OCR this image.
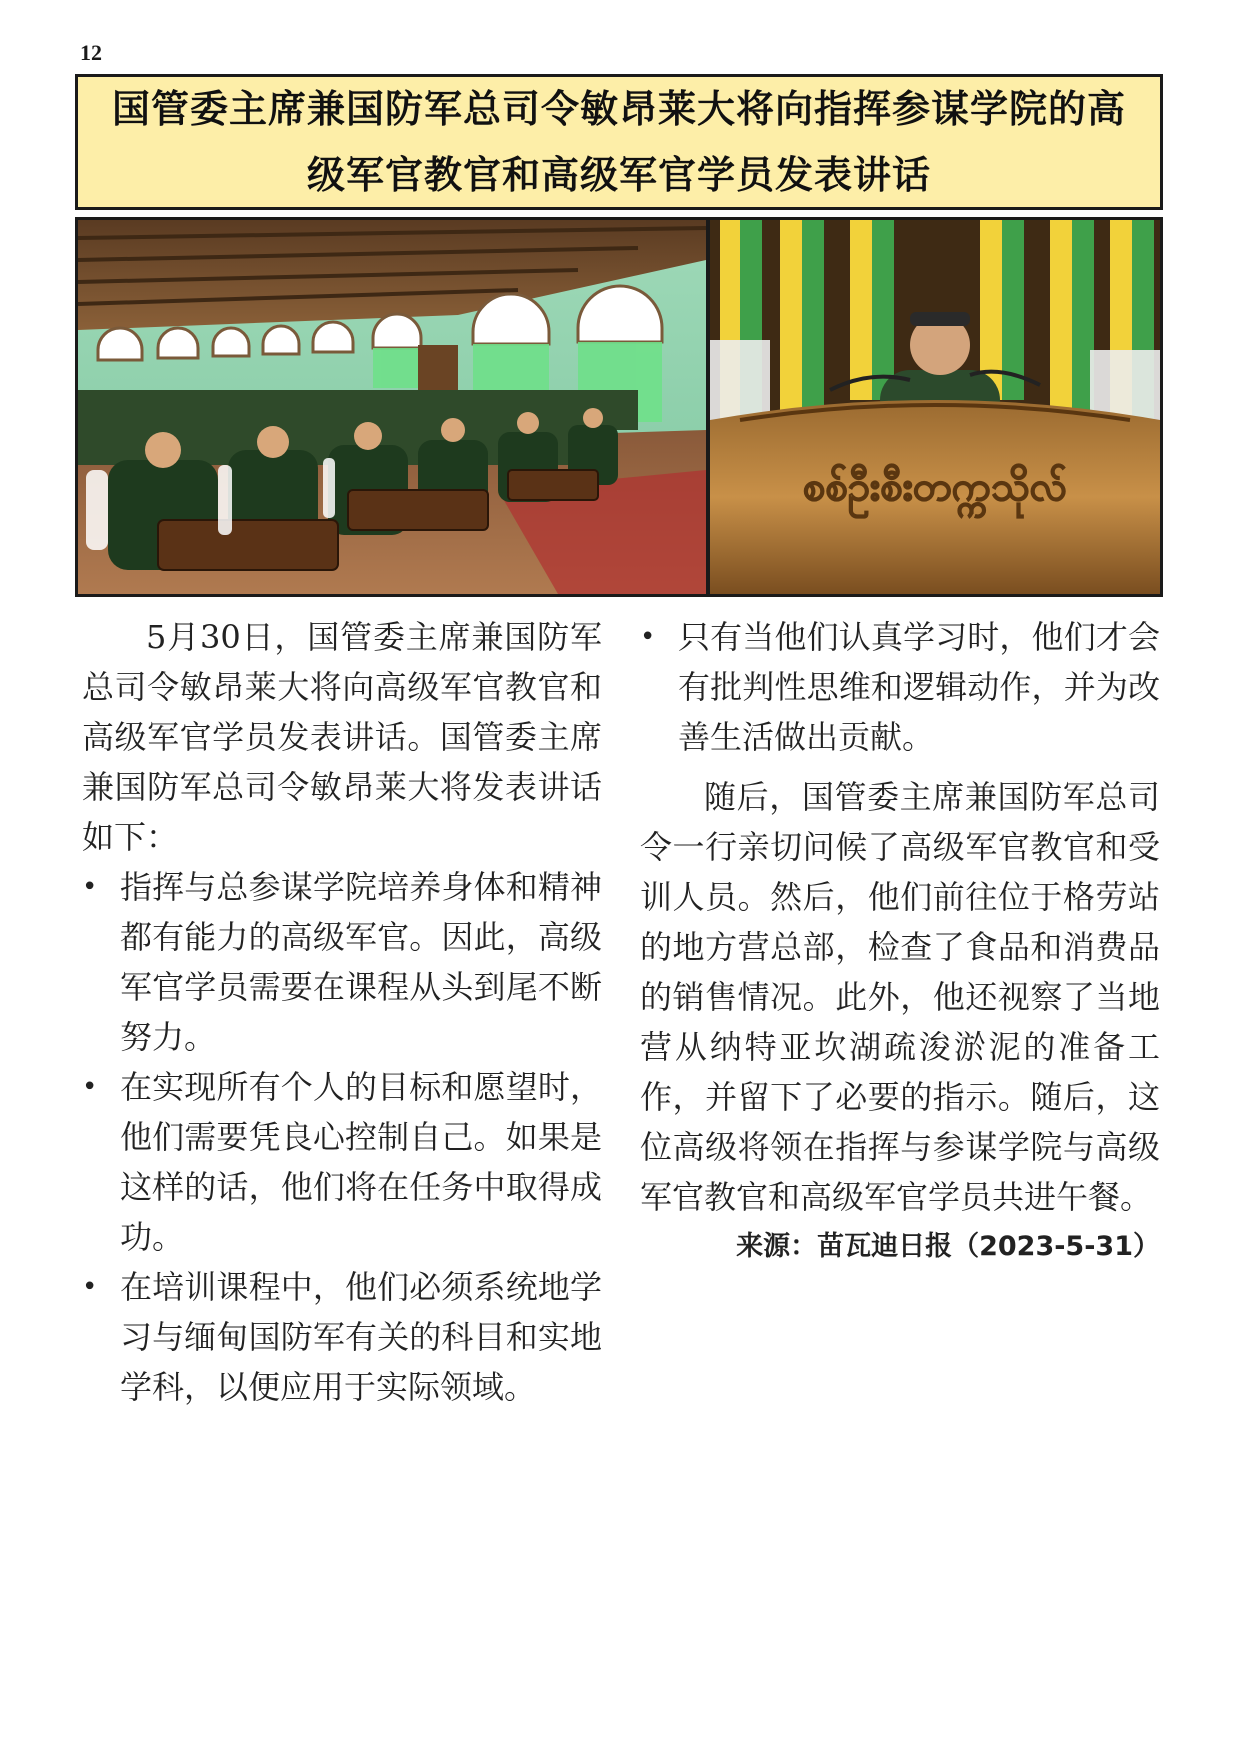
12
国管委主席兼国防军总司令敏昂莱大将向指挥参谋学院的高级军官教官和高级军官学员发表讲话
စစ်ဦးစီးတက္ကသိုလ်

5月30日，国管委主席兼国防军总司令敏昂莱大将向高级军官教官和高级军官学员发表讲话。国管委主席兼国防军总司令敏昂莱大将发表讲话如下：

• 指挥与总参谋学院培养身体和精神都有能力的高级军官。因此，高级军官学员需要在课程从头到尾不断努力。
• 在实现所有个人的目标和愿望时，他们需要凭良心控制自己。如果是这样的话，他们将在任务中取得成功。
• 在培训课程中，他们必须系统地学习与缅甸国防军有关的科目和实地学科，以便应用于实际领域。
• 只有当他们认真学习时，他们才会有批判性思维和逻辑动作，并为改善生活做出贡献。

随后，国管委主席兼国防军总司令一行亲切问候了高级军官教官和受训人员。然后，他们前往位于格劳站的地方营总部，检查了食品和消费品的销售情况。此外，他还视察了当地营从纳特亚坎湖疏浚淤泥的准备工作，并留下了必要的指示。随后，这位高级将领在指挥与参谋学院与高级军官教官和高级军官学员共进午餐。

来源：苗瓦迪日报（2023-5-31）
